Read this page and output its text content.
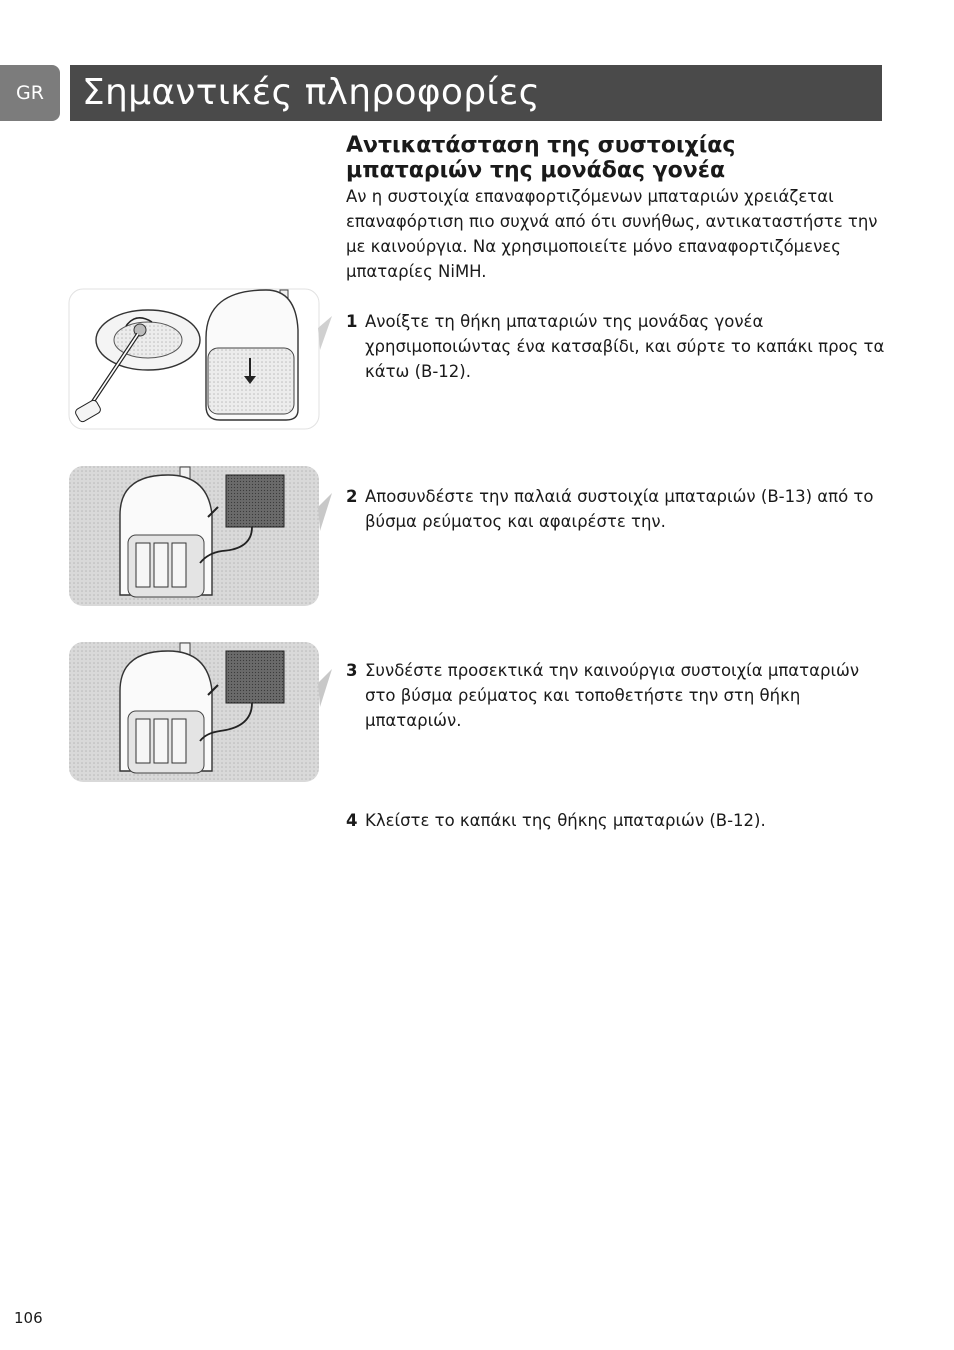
GR	Σημαντικές πληροφορίες
Αντικατάσταση της συστοιχίας μπαταριών της μονάδας γονέα

Αν η συστοιχία επαναφορτιζόμενων μπαταριών χρειάζεται επαναφόρτιση πιο συχνά από ότι συνήθως, αντικαταστήστε την με καινούργια. Να χρησιμοποιείτε μόνο επαναφορτιζόμενες μπαταρίες NiMH.

1 Ανοίξτε τη θήκη μπαταριών της μονάδας γονέα χρησιμοποιώντας ένα κατσαβίδι, και σύρτε το καπάκι προς τα κάτω (B-12).
2 Αποσυνδέστε την παλαιά συστοιχία μπαταριών (B-13) από το βύσμα ρεύματος και αφαιρέστε την.
3 Συνδέστε προσεκτικά την καινούργια συστοιχία μπαταριών στο βύσμα ρεύματος και τοποθετήστε την στη θήκη μπαταριών.
4 Κλείστε το καπάκι της θήκης μπαταριών (B-12).
106
